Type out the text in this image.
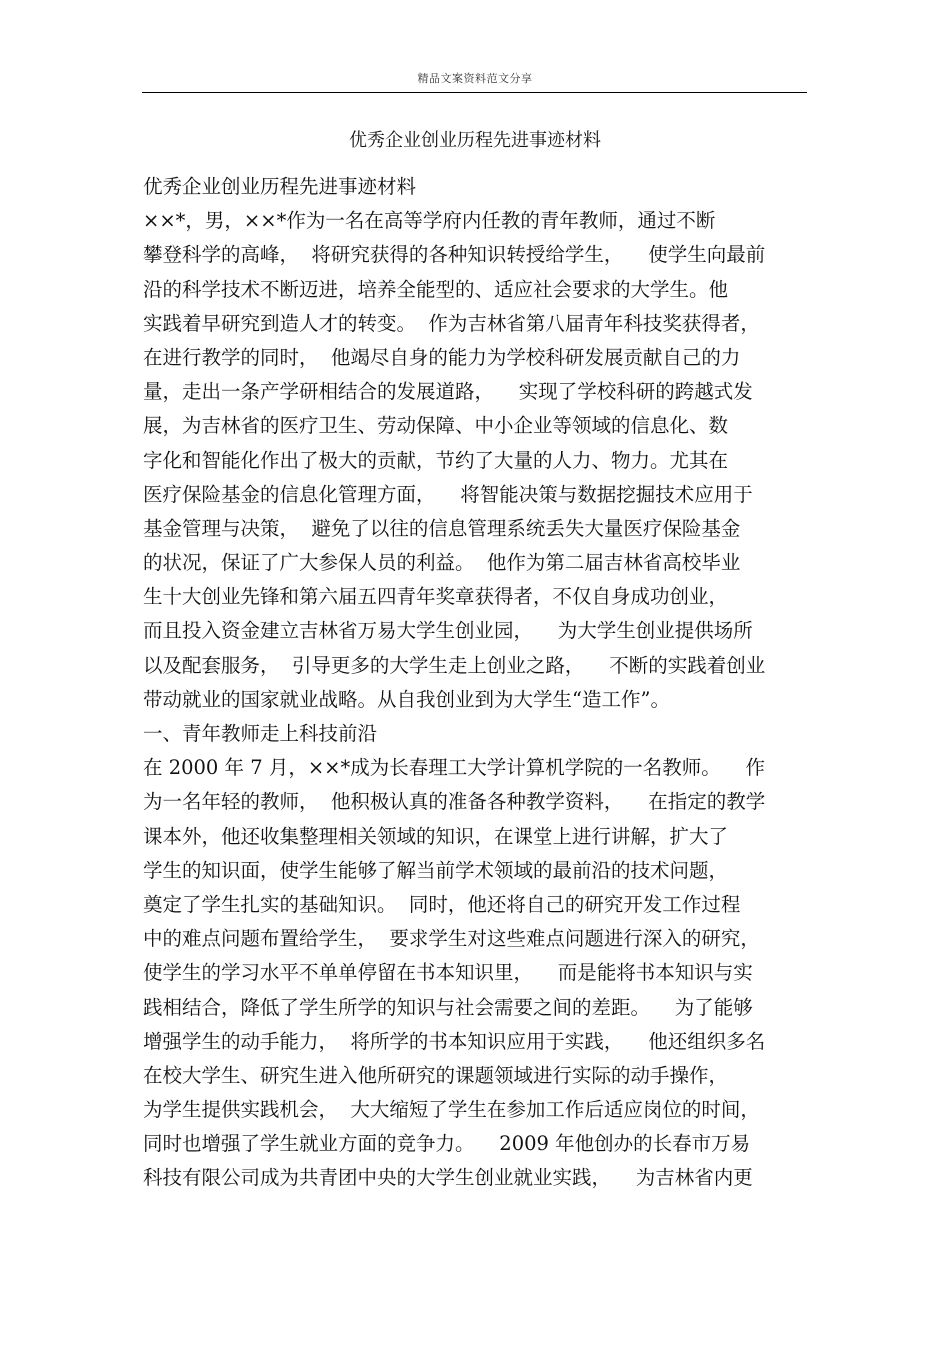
精品文案资料范文分享
优秀企业创业历程先进事迹材料
优秀企业创业历程先进事迹材料
××*，男，××*作为一名在高等学府内任教的青年教师，通过不断
攀登科学的高峰，  将研究获得的各种知识转授给学生，    使学生向最前
沿的科学技术不断迈进，培养全能型的、适应社会要求的大学生。他
实践着早研究到造人才的转变。  作为吉林省第八届青年科技奖获得者，
在进行教学的同时，  他竭尽自身的能力为学校科研发展贡献自己的力
量，走出一条产学研相结合的发展道路，    实现了学校科研的跨越式发
展，为吉林省的医疗卫生、劳动保障、中小企业等领域的信息化、数
字化和智能化作出了极大的贡献，节约了大量的人力、物力。尤其在
医疗保险基金的信息化管理方面，    将智能决策与数据挖掘技术应用于
基金管理与决策，  避免了以往的信息管理系统丢失大量医疗保险基金
的状况，保证了广大参保人员的利益。  他作为第二届吉林省高校毕业
生十大创业先锋和第六届五四青年奖章获得者，不仅自身成功创业，
而且投入资金建立吉林省万易大学生创业园，    为大学生创业提供场所
以及配套服务，  引导更多的大学生走上创业之路，    不断的实践着创业
带动就业的国家就业战略。从自我创业到为大学生“造工作”。
一、青年教师走上科技前沿
在 2000 年 7 月，××*成为长春理工大学计算机学院的一名教师。    作
为一名年轻的教师，  他积极认真的准备各种教学资料，    在指定的教学
课本外，他还收集整理相关领域的知识，在课堂上进行讲解，扩大了
学生的知识面，使学生能够了解当前学术领域的最前沿的技术问题，
奠定了学生扎实的基础知识。  同时，他还将自己的研究开发工作过程
中的难点问题布置给学生，  要求学生对这些难点问题进行深入的研究，
使学生的学习水平不单单停留在书本知识里，    而是能将书本知识与实
践相结合，降低了学生所学的知识与社会需要之间的差距。    为了能够
增强学生的动手能力，  将所学的书本知识应用于实践，    他还组织多名
在校大学生、研究生进入他所研究的课题领域进行实际的动手操作，
为学生提供实践机会，  大大缩短了学生在参加工作后适应岗位的时间，
同时也增强了学生就业方面的竞争力。    2009 年他创办的长春市万易
科技有限公司成为共青团中央的大学生创业就业实践，    为吉林省内更
